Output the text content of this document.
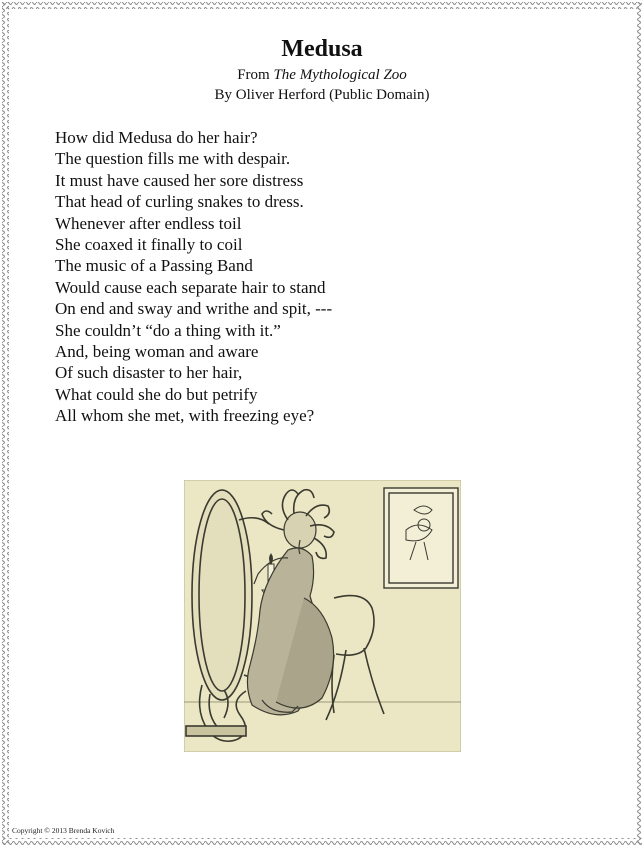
Medusa
From The Mythological Zoo
By Oliver Herford (Public Domain)
How did Medusa do her hair?
The question fills me with despair.
It must have caused her sore distress
That head of curling snakes to dress.
Whenever after endless toil
She coaxed it finally to coil
The music of a Passing Band
Would cause each separate hair to stand
On end and sway and writhe and spit, ---
She couldn’t “do a thing with it.”
And, being woman and aware
Of such disaster to her hair,
What could she do but petrify
All whom she met, with freezing eye?
Copyright © 2013 Brenda Kovich
